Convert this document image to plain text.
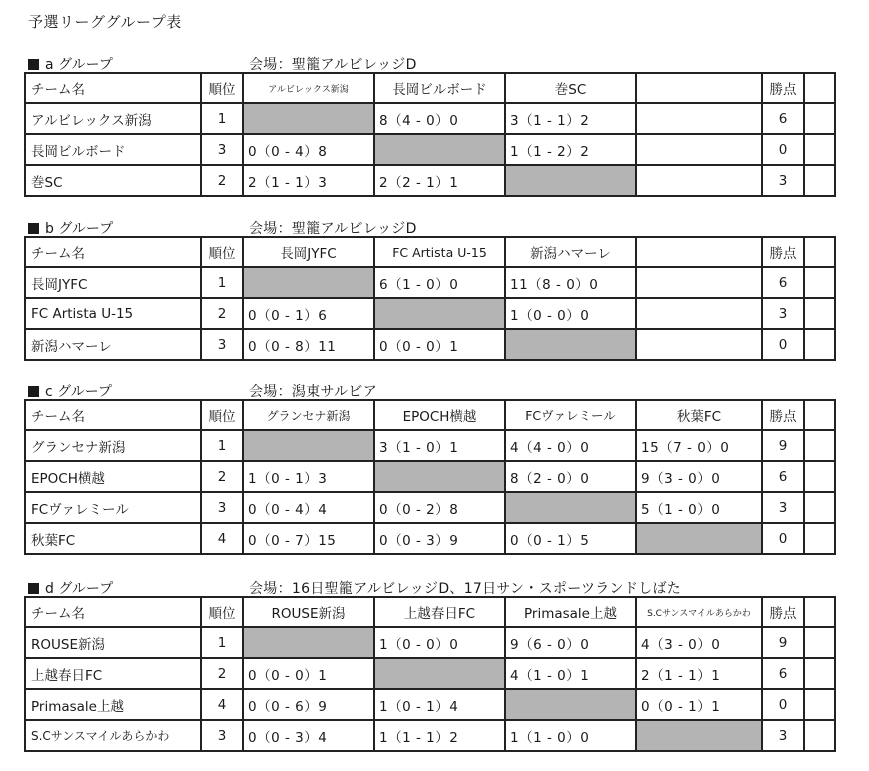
予選リーググループ表
a グループ	会場：聖籠アルビレッジD
チーム名	順位	アルビレックス新潟	長岡ビルボード	巻SC		勝点	
アルビレックス新潟	1		8（4 - 0）0	3（1 - 1）2		6	
長岡ビルボード	3	0（0 - 4）8		1（1 - 2）2		0	
巻SC	2	2（1 - 1）3	2（2 - 1）1			3	
b グループ	会場：聖籠アルビレッジD
チーム名	順位	長岡JYFC	FC Artista U-15	新潟ハマーレ		勝点	
長岡JYFC	1		6（1 - 0）0	11（8 - 0）0		6	
FC Artista U-15	2	0（0 - 1）6		1（0 - 0）0		3	
新潟ハマーレ	3	0（0 - 8）11	0（0 - 0）1			0	
c グループ	会場：潟東サルビア
チーム名	順位	グランセナ新潟	EPOCH横越	FCヴァレミール	秋葉FC	勝点	
グランセナ新潟	1		3（1 - 0）1	4（4 - 0）0	15（7 - 0）0	9	
EPOCH横越	2	1（0 - 1）3		8（2 - 0）0	9（3 - 0）0	6	
FCヴァレミール	3	0（0 - 4）4	0（0 - 2）8		5（1 - 0）0	3	
秋葉FC	4	0（0 - 7）15	0（0 - 3）9	0（0 - 1）5		0	
d グループ	会場：16日聖籠アルビレッジD、17日サン・スポーツランドしばた
チーム名	順位	ROUSE新潟	上越春日FC	Primasale上越	S.Cサンスマイルあらかわ	勝点	
ROUSE新潟	1		1（0 - 0）0	9（6 - 0）0	4（3 - 0）0	9	
上越春日FC	2	0（0 - 0）1		4（1 - 0）1	2（1 - 1）1	6	
Primasale上越	4	0（0 - 6）9	1（0 - 1）4		0（0 - 1）1	0	
S.Cサンスマイルあらかわ	3	0（0 - 3）4	1（1 - 1）2	1（1 - 0）0		3	
